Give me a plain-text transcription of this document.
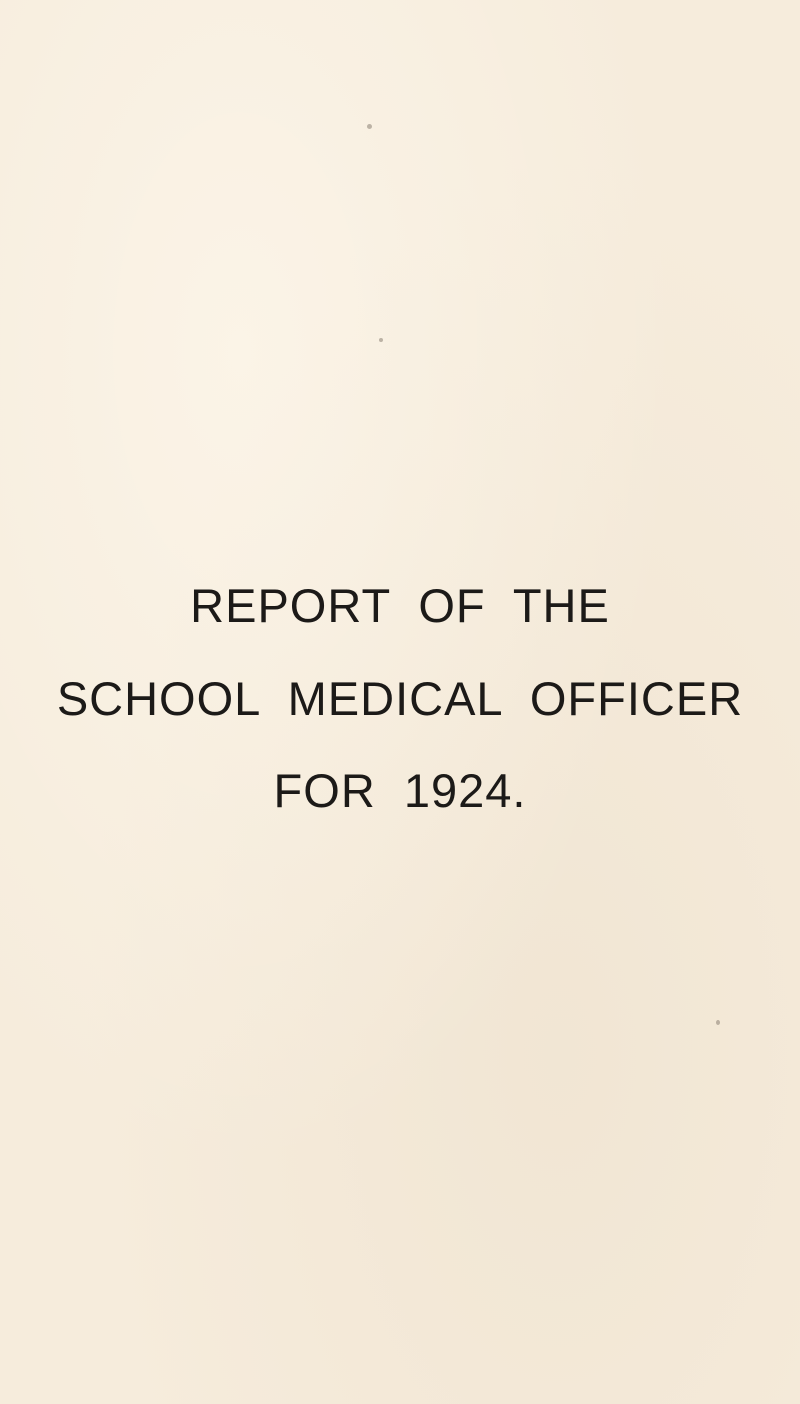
REPORT OF THE
SCHOOL MEDICAL OFFICER
FOR 1924.
